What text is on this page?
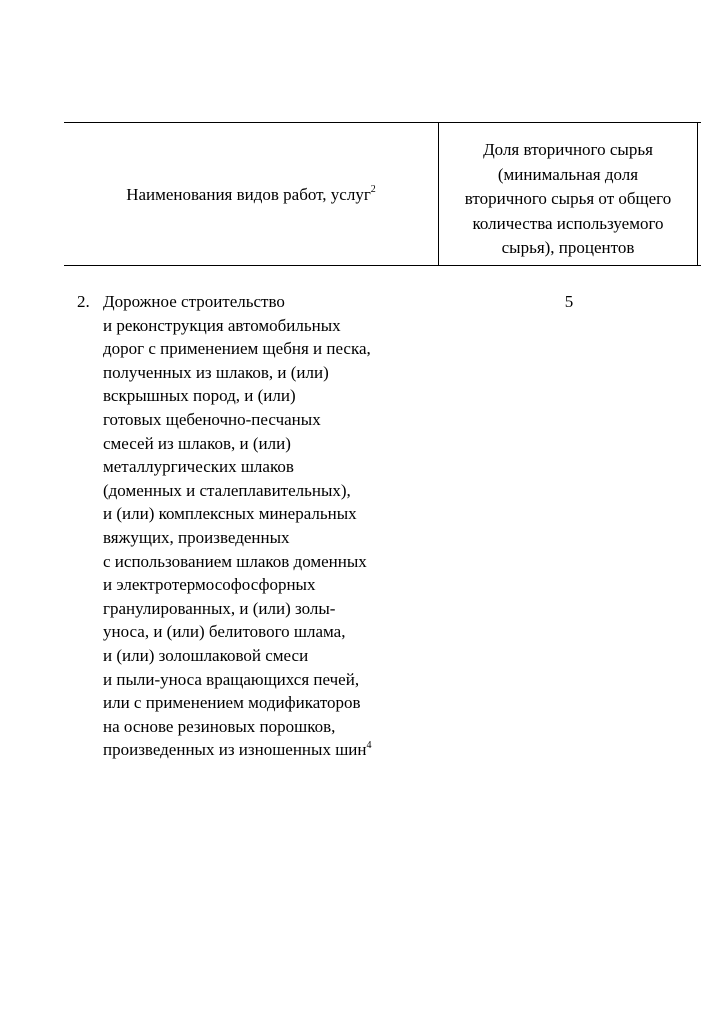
Наименования видов работ, услуг$^2$
Доля вторичного сырья
(минимальная доля
вторичного сырья от общего
количества используемого
сырья), процентов
2. Дорожное строительство
и реконструкция автомобильных
дорог с применением щебня и песка,
полученных из шлаков, и (или)
вскрышных пород, и (или)
готовых щебеночно-песчаных
смесей из шлаков, и (или)
металлургических шлаков
(доменных и сталеплавительных),
и (или) комплексных минеральных
вяжущих, произведенных
с использованием шлаков доменных
и электротермософосфорных
гранулированных, и (или) золы-
уноса, и (или) белитового шлама,
и (или) золошлаковой смеси
и пыли-уноса вращающихся печей,
или с применением модификаторов
на основе резиновых порошков,
произведенных из изношенных шин$^4$
5
